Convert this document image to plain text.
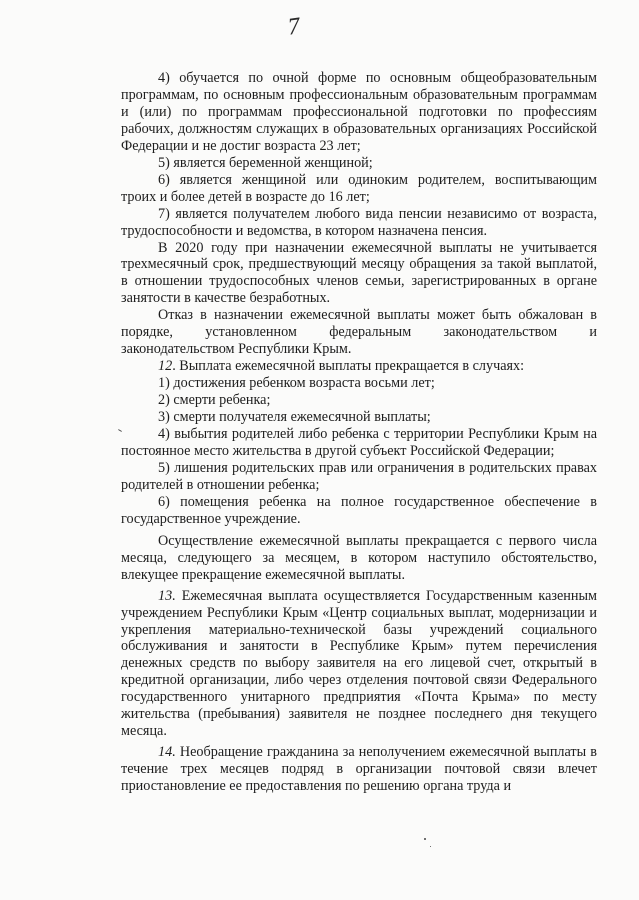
7

4) обучается по очной форме по основным общеобразовательным программам, по основным профессиональным образовательным программам и (или) по программам профессиональной подготовки по профессиям рабочих, должностям служащих в образовательных организациях Российской Федерации и не достиг возраста 23 лет;

5) является беременной женщиной;

6) является женщиной или одиноким родителем, воспитывающим троих и более детей в возрасте до 16 лет;

7) является получателем любого вида пенсии независимо от возраста, трудоспособности и ведомства, в котором назначена пенсия.

В 2020 году при назначении ежемесячной выплаты не учитывается трехмесячный срок, предшествующий месяцу обращения за такой выплатой, в отношении трудоспособных членов семьи, зарегистрированных в органе занятости в качестве безработных.

Отказ в назначении ежемесячной выплаты может быть обжалован в порядке, установленном федеральным законодательством и законодательством Республики Крым.

12. Выплата ежемесячной выплаты прекращается в случаях:

1) достижения ребенком возраста восьми лет;

2) смерти ребенка;

3) смерти получателя ежемесячной выплаты;

4) выбытия родителей либо ребенка с территории Республики Крым на постоянное место жительства в другой субъект Российской Федерации;

5) лишения родительских прав или ограничения в родительских правах родителей в отношении ребенка;

6) помещения ребенка на полное государственное обеспечение в государственное учреждение.

Осуществление ежемесячной выплаты прекращается с первого числа месяца, следующего за месяцем, в котором наступило обстоятельство, влекущее прекращение ежемесячной выплаты.

13. Ежемесячная выплата осуществляется Государственным казенным учреждением Республики Крым «Центр социальных выплат, модернизации и укрепления материально-технической базы учреждений социального обслуживания и занятости в Республике Крым» путем перечисления денежных средств по выбору заявителя на его лицевой счет, открытый в кредитной организации, либо через отделения почтовой связи Федерального государственного унитарного предприятия «Почта Крыма» по месту жительства (пребывания) заявителя не позднее последнего дня текущего месяца.

14. Необращение гражданина за неполучением ежемесячной выплаты в течение трех месяцев подряд в организации почтовой связи влечет приостановление ее предоставления по решению органа труда и
